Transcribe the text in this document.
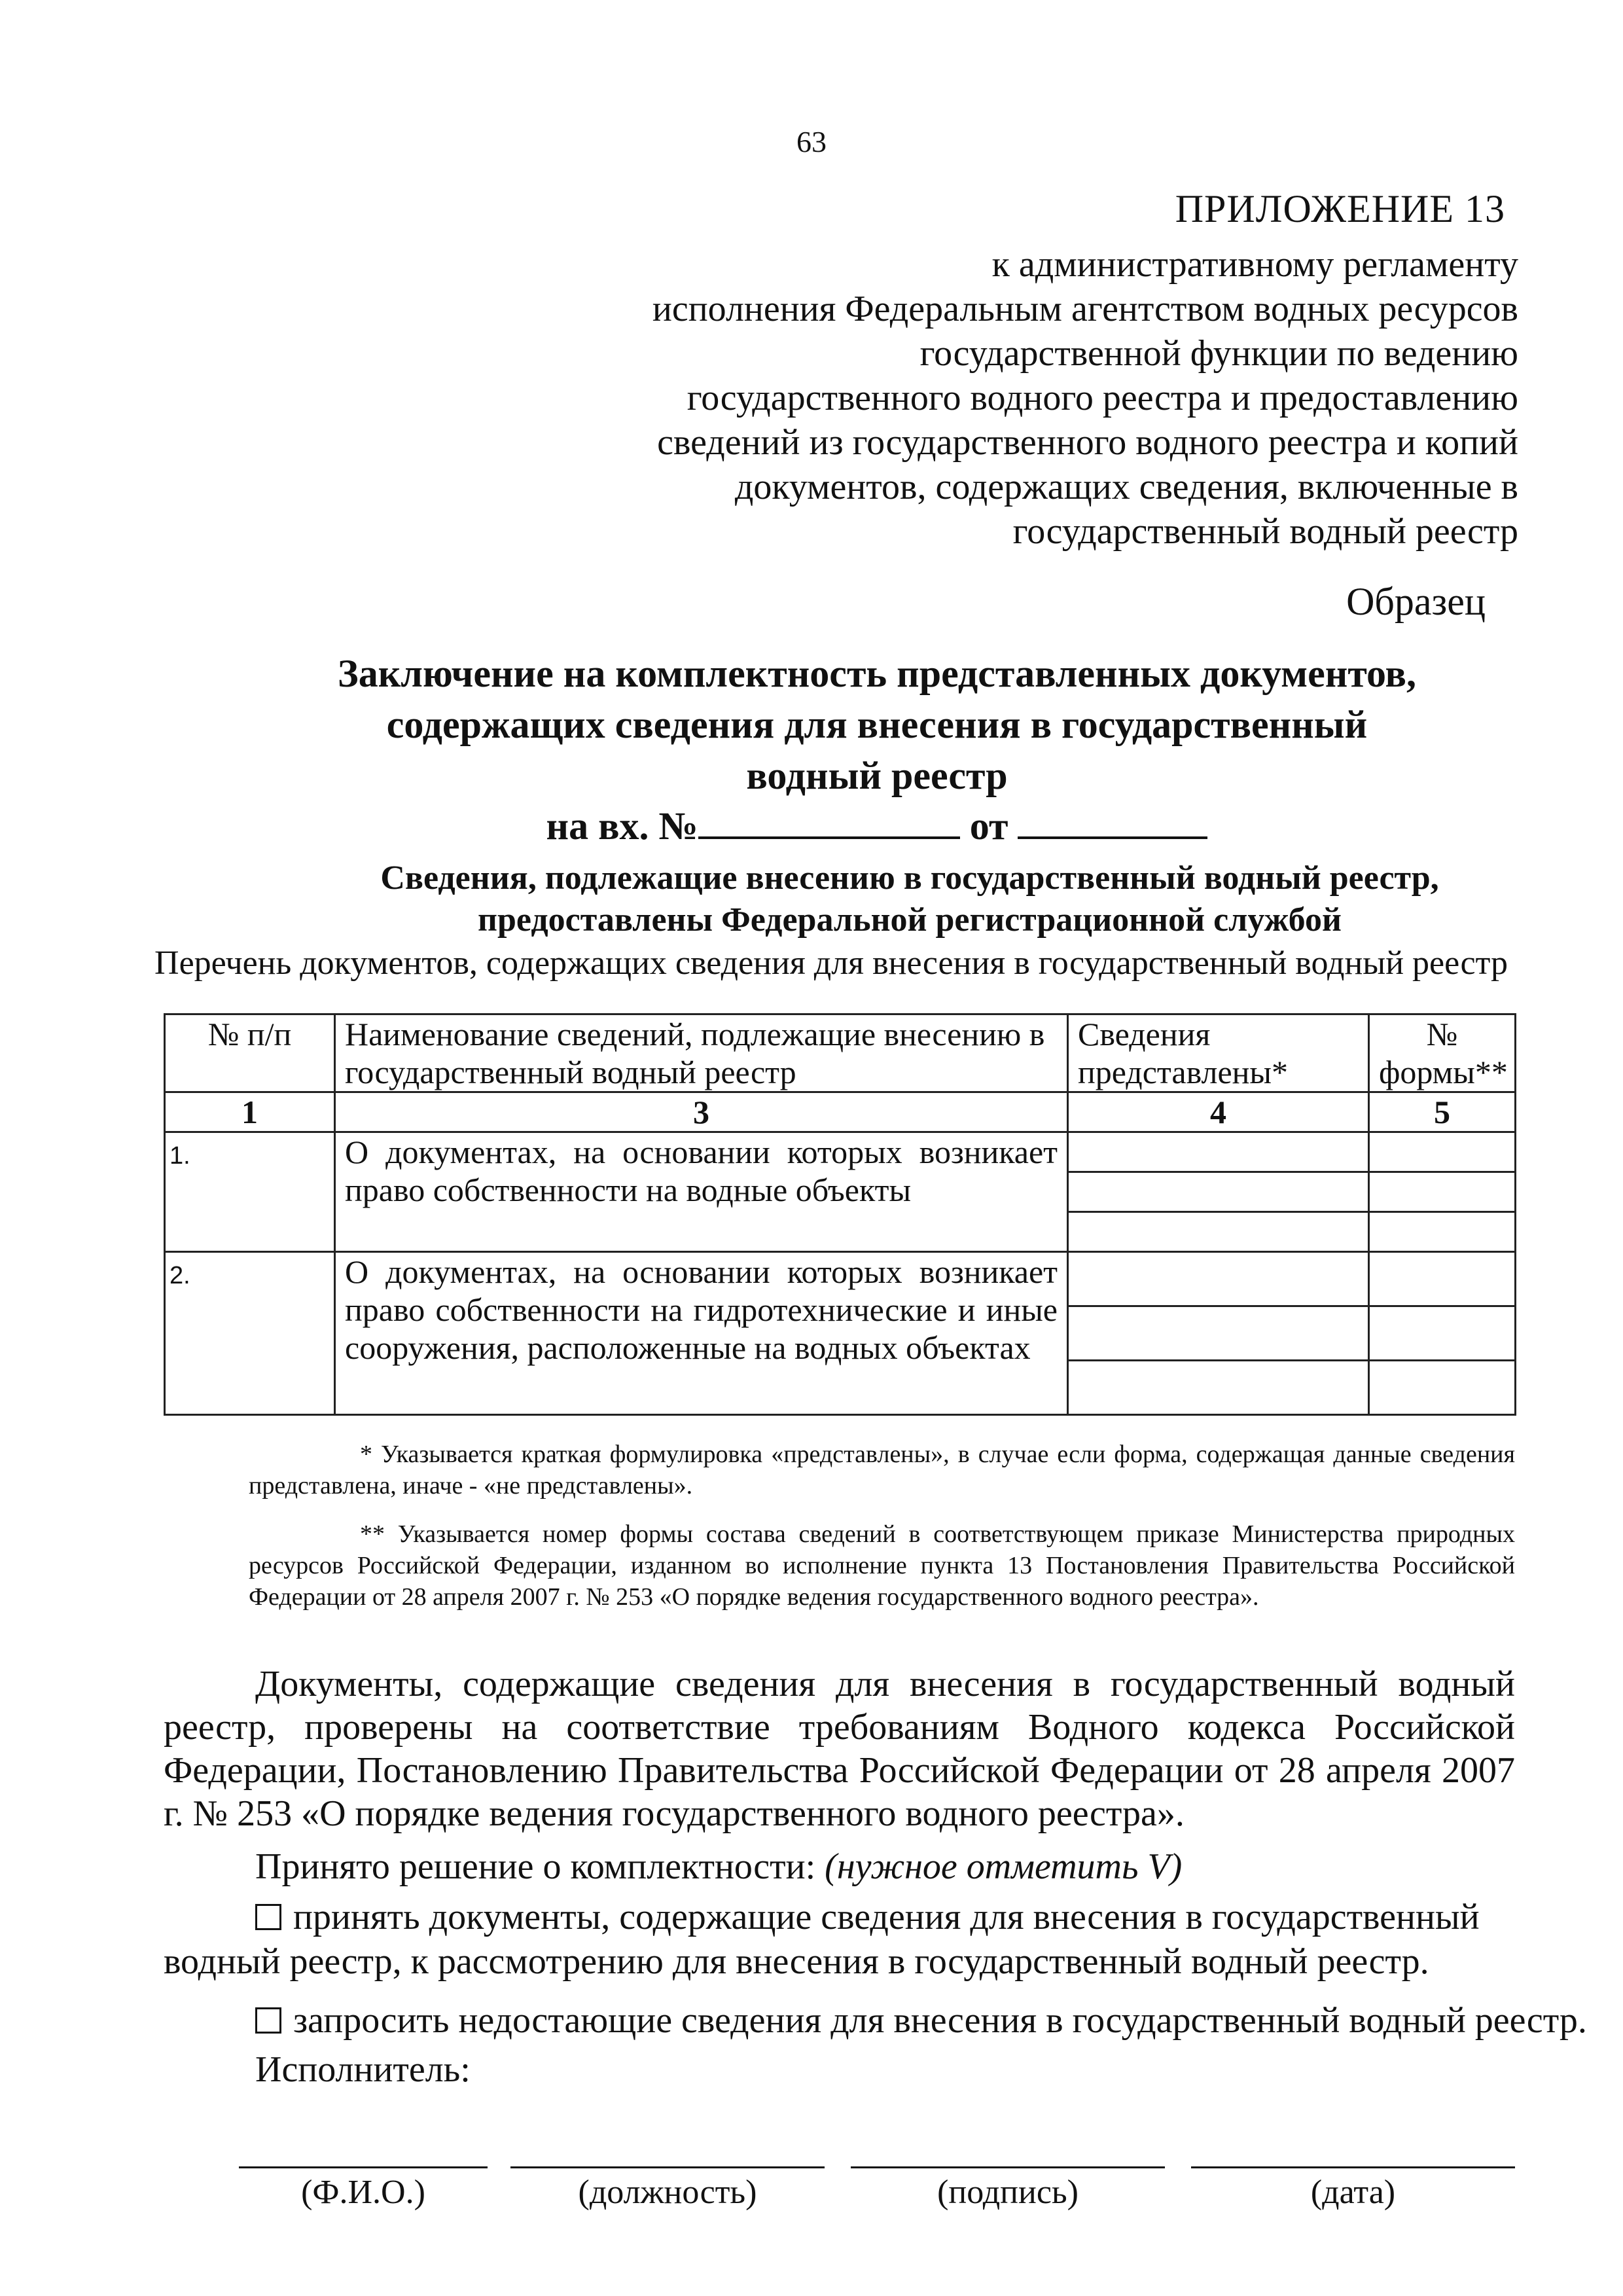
63
ПРИЛОЖЕНИЕ 13
к административному регламенту
исполнения Федеральным агентством водных ресурсов
государственной функции по ведению
государственного водного реестра и предоставлению
сведений из государственного водного реестра и копий
документов, содержащих сведения, включенные в
государственный водный реестр
Образец
Заключение на комплектность представленных документов,
содержащих сведения для внесения в государственный
водный реестр
на вх. №	от
Сведения, подлежащие внесению в государственный водный реестр,
предоставлены Федеральной регистрационной службой
Перечень документов, содержащих сведения для внесения в государственный водный реестр
№ п/п	Наименование сведений, подлежащие внесению в государственный водный реестр	Сведения представлены*	№ формы**
1	3	4	5
1.	О документах, на основании которых возникает право собственности на водные объекты		

2.	О документах, на основании которых возникает право собственности на гидротехнические и иные сооружения, расположенные на водных объектах		

* Указывается краткая формулировка «представлены», в случае если форма, содержащая данные сведения представлена, иначе - «не представлены».
** Указывается номер формы состава сведений в соответствующем приказе Министерства природных ресурсов Российской Федерации, изданном во исполнение пункта 13 Постановления Правительства Российской Федерации от 28 апреля 2007 г. № 253 «О порядке ведения государственного водного реестра».
Документы, содержащие сведения для внесения в государственный водный реестр, проверены на соответствие требованиям Водного кодекса Российской Федерации, Постановлению Правительства Российской Федерации от 28 апреля 2007 г. № 253 «О порядке ведения государственного водного реестра».
Принято решение о комплектности: (нужное отметить V)
принять документы, содержащие сведения для внесения в государственный водный реестр, к рассмотрению для внесения в государственный водный реестр.
запросить недостающие сведения для внесения в государственный водный реестр.
Исполнитель:
(Ф.И.О.)	(должность)	(подпись)	(дата)
